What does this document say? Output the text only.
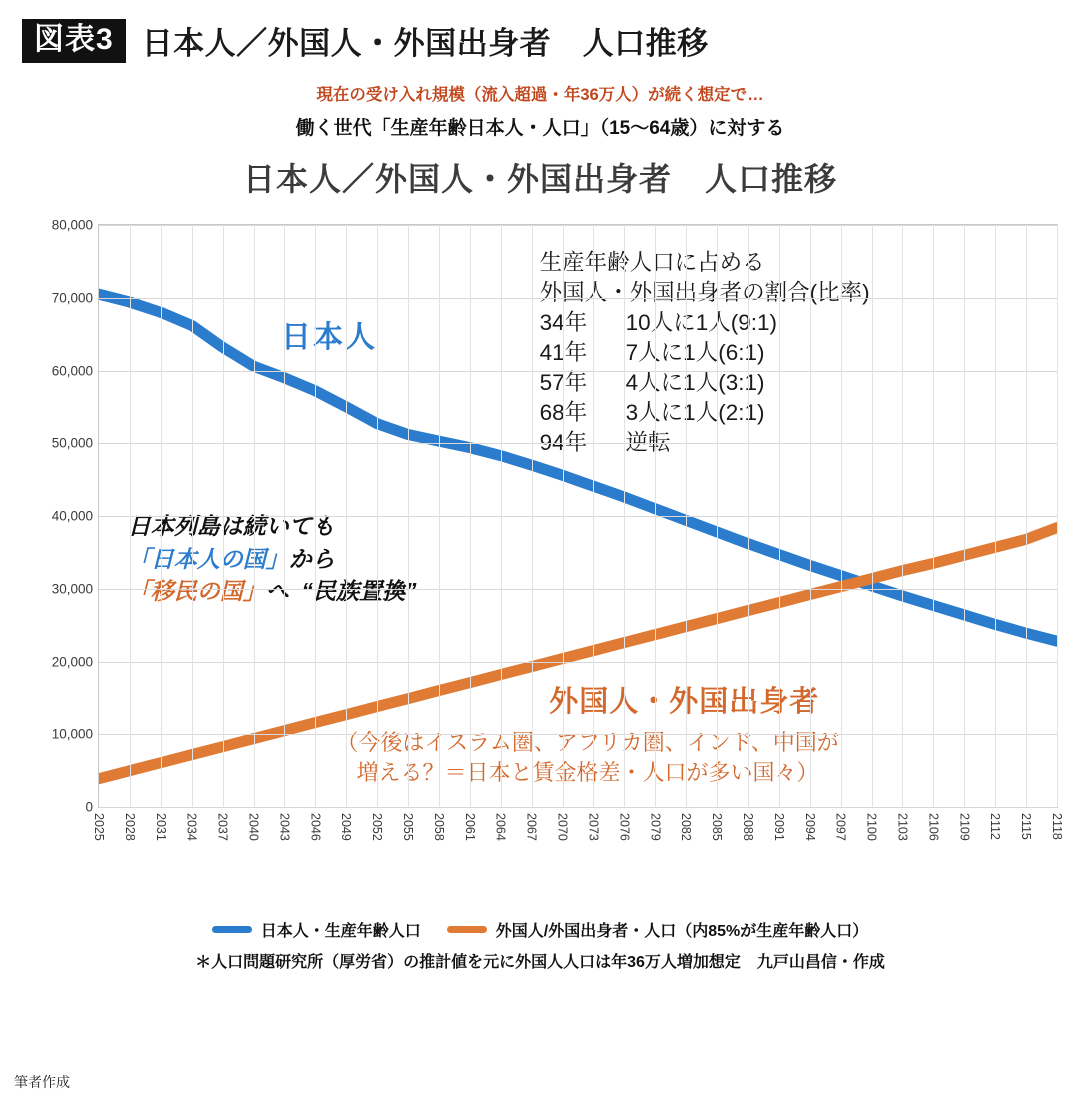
図表3 日本人／外国人・外国出身者　人口推移
現在の受け入れ規模（流入超過・年36万人）が続く想定で…
働く世代「生産年齢日本人・人口」（15〜64歳）に対する
日本人／外国人・外国出身者　人口推移
日本人
外国人・外国出身者
生産年齢人口に占める
外国人・外国出身者の割合(比率)
34年	10人に1人(9:1)
41年	7人に1人(6:1)
57年	4人に1人(3:1)
68年	3人に1人(2:1)
94年	逆転
日本列島は続いても
「日本人の国」から
「移民の国」へ “民族置換”
（今後はイスラム圏、アフリカ圏、インド、中国が
増える？＝日本と賃金格差・人口が多い国々）
0
10,000
20,000
30,000
40,000
50,000
60,000
70,000
80,000
2025 2028 2031 2034 2037 2040 2043 2046 2049 2052 2055 2058 2061 2064 2067 2070 2073 2076 2079 2082 2085 2088 2091 2094 2097 2100 2103 2106 2109 2112 2115 2118
日本人・生産年齢人口	外国人/外国出身者・人口（内85%が生産年齢人口）
＊人口問題研究所（厚労省）の推計値を元に外国人人口は年36万人増加想定　九戸山昌信・作成
筆者作成
